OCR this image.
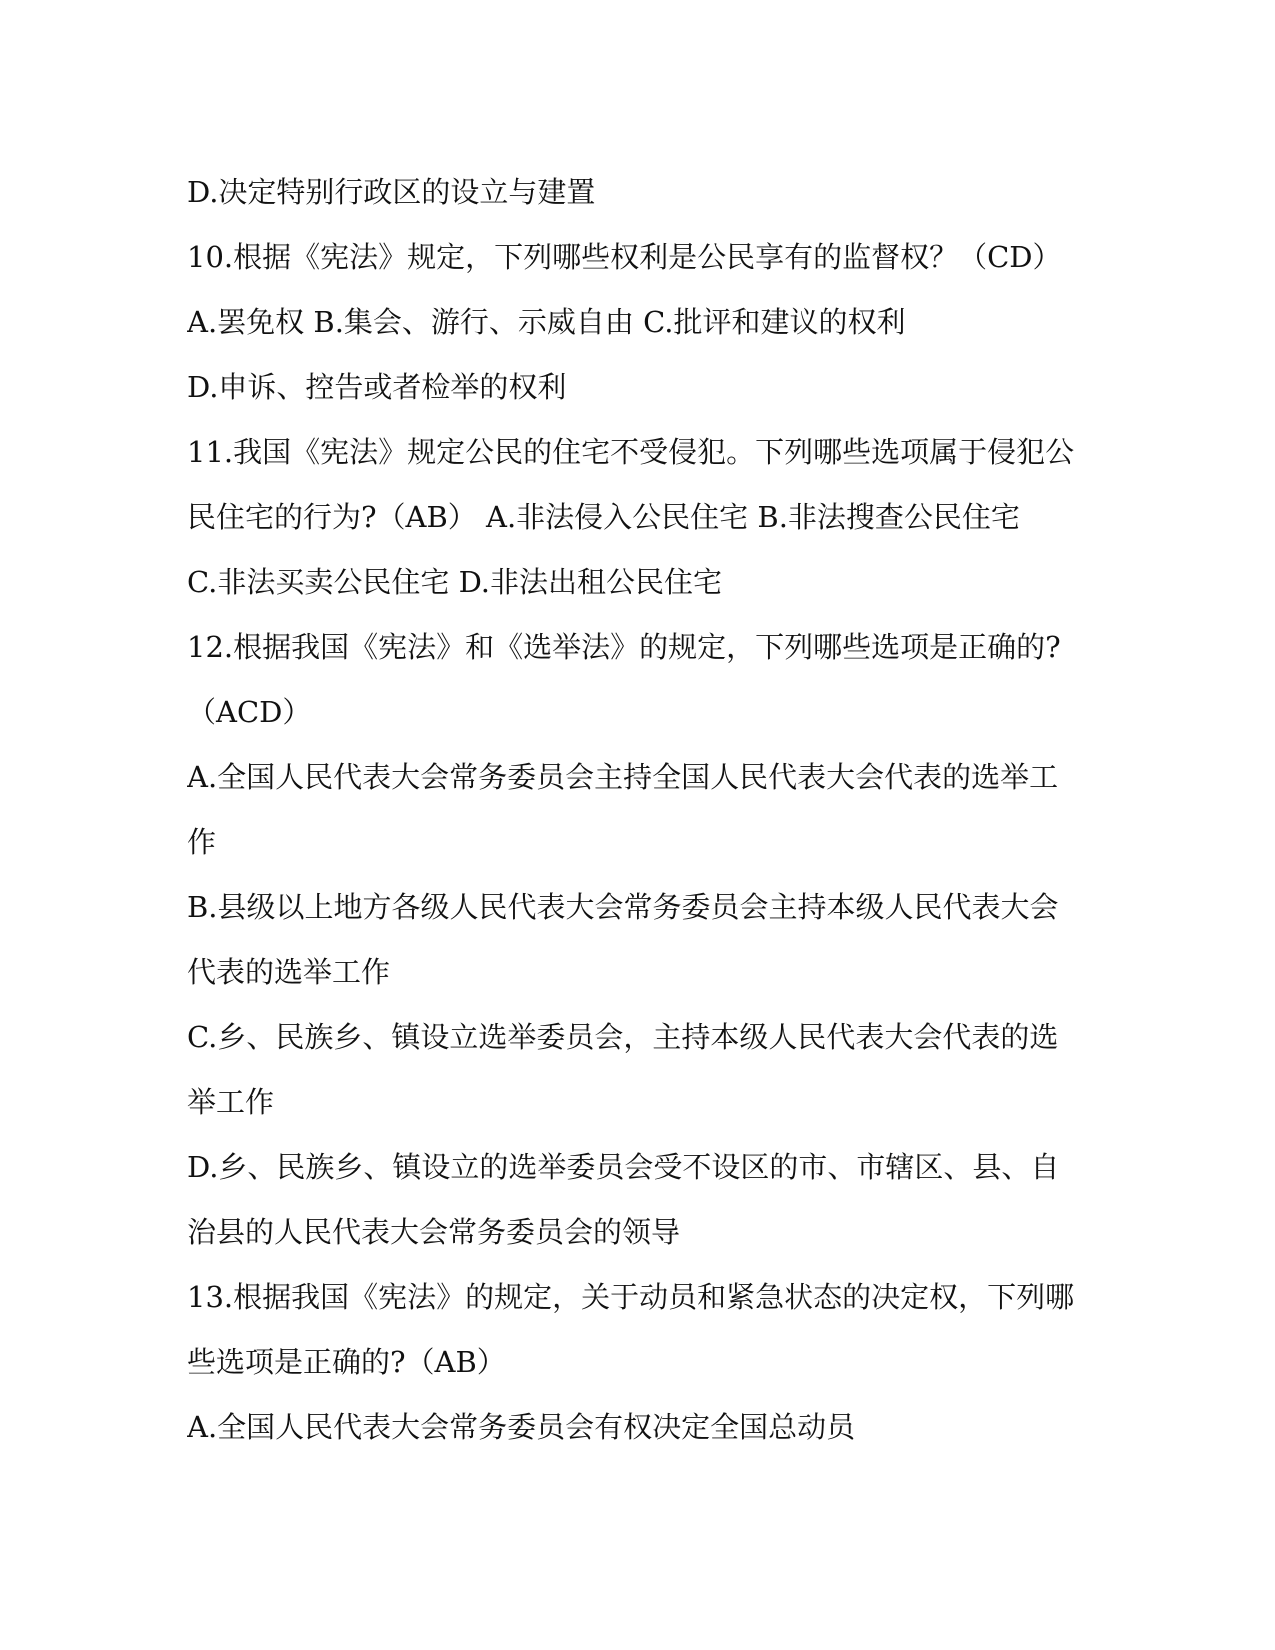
D.决定特别行政区的设立与建置
10.根据《宪法》规定，下列哪些权利是公民享有的监督权？（CD）
A.罢免权 B.集会、游行、示威自由 C.批评和建议的权利
D.申诉、控告或者检举的权利
11.我国《宪法》规定公民的住宅不受侵犯。下列哪些选项属于侵犯公
民住宅的行为?（AB） A.非法侵入公民住宅 B.非法搜查公民住宅
C.非法买卖公民住宅 D.非法出租公民住宅
12.根据我国《宪法》和《选举法》的规定，下列哪些选项是正确的?
（ACD）
A.全国人民代表大会常务委员会主持全国人民代表大会代表的选举工
作
B.县级以上地方各级人民代表大会常务委员会主持本级人民代表大会
代表的选举工作
C.乡、民族乡、镇设立选举委员会，主持本级人民代表大会代表的选
举工作
D.乡、民族乡、镇设立的选举委员会受不设区的市、市辖区、县、自
治县的人民代表大会常务委员会的领导
13.根据我国《宪法》的规定，关于动员和紧急状态的决定权，下列哪
些选项是正确的?（AB）
A.全国人民代表大会常务委员会有权决定全国总动员
